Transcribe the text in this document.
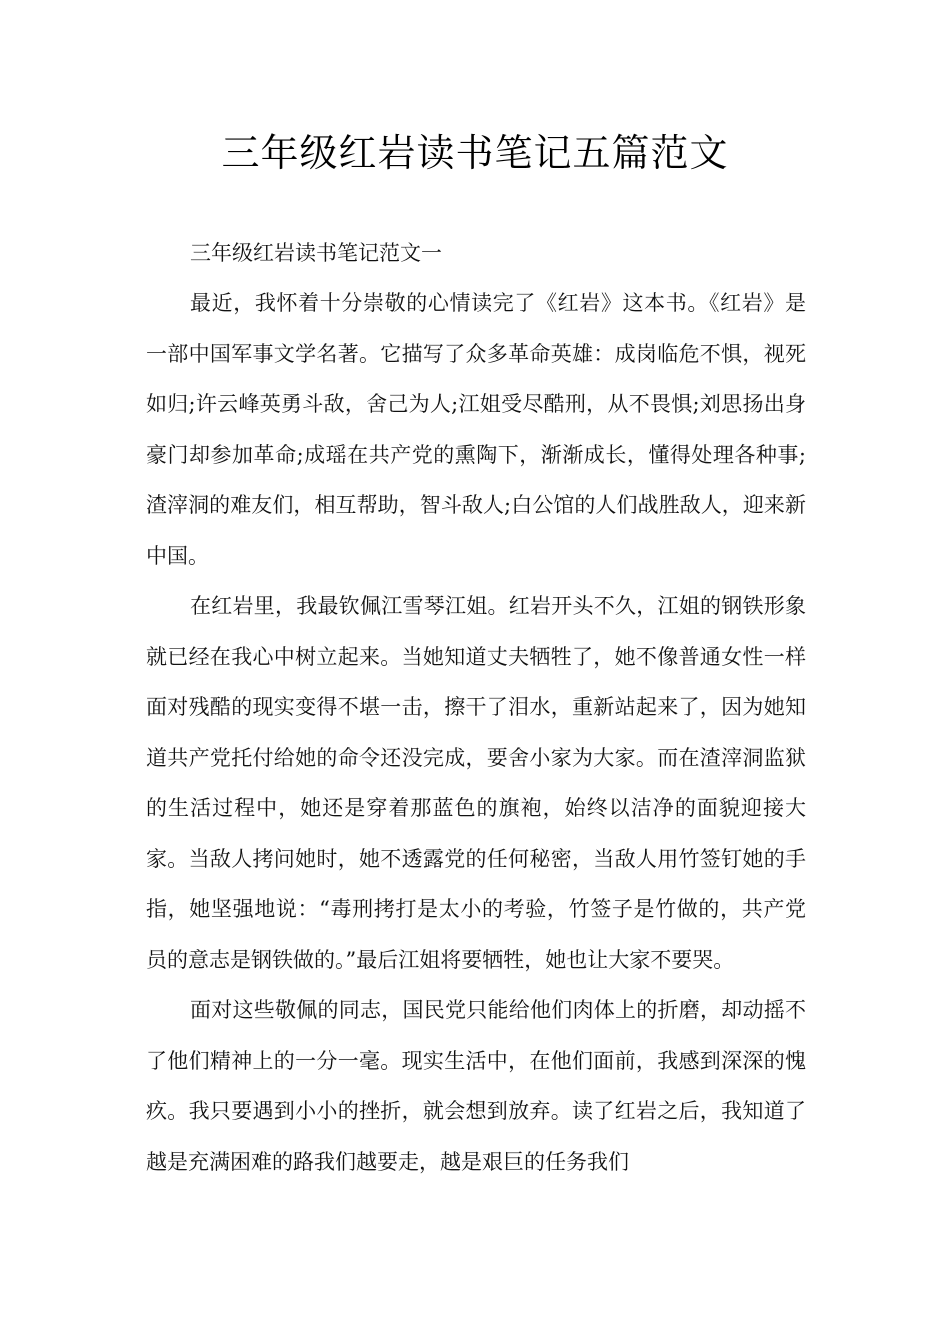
三年级红岩读书笔记五篇范文

三年级红岩读书笔记范文一

最近，我怀着十分崇敬的心情读完了《红岩》这本书。《红岩》是一部中国军事文学名著。它描写了众多革命英雄：成岗临危不惧，视死如归;许云峰英勇斗敌，舍己为人;江姐受尽酷刑，从不畏惧;刘思扬出身豪门却参加革命;成瑶在共产党的熏陶下，渐渐成长，懂得处理各种事;渣滓洞的难友们，相互帮助，智斗敌人;白公馆的人们战胜敌人，迎来新中国。

在红岩里，我最钦佩江雪琴江姐。红岩开头不久，江姐的钢铁形象就已经在我心中树立起来。当她知道丈夫牺牲了，她不像普通女性一样面对残酷的现实变得不堪一击，擦干了泪水，重新站起来了，因为她知道共产党托付给她的命令还没完成，要舍小家为大家。而在渣滓洞监狱的生活过程中，她还是穿着那蓝色的旗袍，始终以洁净的面貌迎接大家。当敌人拷问她时，她不透露党的任何秘密，当敌人用竹签钉她的手指，她坚强地说：“毒刑拷打是太小的考验，竹签子是竹做的，共产党员的意志是钢铁做的。”最后江姐将要牺牲，她也让大家不要哭。

面对这些敬佩的同志，国民党只能给他们肉体上的折磨，却动摇不了他们精神上的一分一毫。现实生活中，在他们面前，我感到深深的愧疚。我只要遇到小小的挫折，就会想到放弃。读了红岩之后，我知道了越是充满困难的路我们越要走，越是艰巨的任务我们
